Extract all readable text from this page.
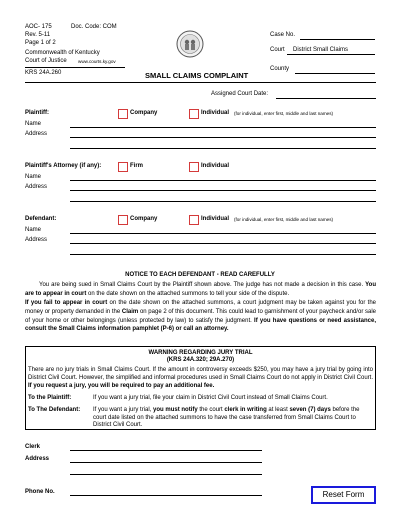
AOC- 175	Doc. Code: COM
Rev. 5-11
Page 1 of 2
Commonwealth of Kentucky
Court of Justice www.courts.ky.gov
KRS 24A.260	SMALL CLAIMS COMPLAINT
Case No.
Court District Small Claims
County
Assigned Court Date:
Plaintiff:	Company	Individual (for individual, enter first, middle and last names)
Name
Address
Plaintiff's Attorney (if any):	Firm	Individual
Name
Address
Defendant:	Company	Individual (for individual, enter first, middle and last names)
Name
Address
NOTICE TO EACH DEFENDANT - READ CAREFULLY
You are being sued in Small Claims Court by the Plaintiff shown above. The judge has not made a decision in this case. You are to appear in court on the date shown on the attached summons to tell your side of the dispute.
If you fail to appear in court on the date shown on the attached summons, a court judgment may be taken against you for the money or property demanded in the Claim on page 2 of this document. This could lead to garnishment of your paycheck and/or sale of your home or other belongings (unless protected by law) to satisfy the judgment. If you have questions or need assistance, consult the Small Claims information pamphlet (P-6) or call an attorney.
WARNING REGARDING JURY TRIAL
(KRS 24A.320; 29A.270)
There are no jury trials in Small Claims Court. If the amount in controversy exceeds $250, you may have a jury trial by going into District Civil Court. However, the simplified and informal procedures used in Small Claims Court do not apply in District Civil Court. If you request a jury, you will be required to pay an additional fee.
To the Plaintiff:	If you want a jury trial, file your claim in District Civil Court instead of Small Claims Court.
To The Defendant: If you want a jury trial, you must notify the court clerk in writing at least seven (7) days before the court date listed on the attached summons to have the case transferred from Small Claims Court to District Civil Court.
Clerk
Address
Phone No.	Reset Form
